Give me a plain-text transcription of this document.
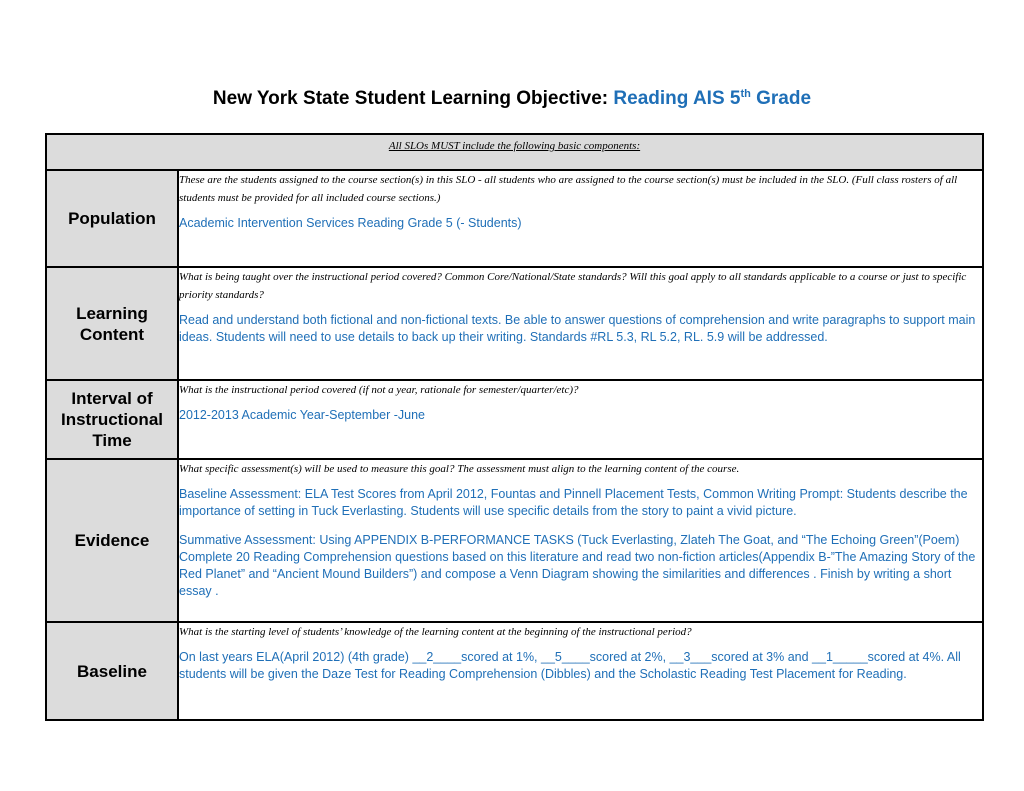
New York State Student Learning Objective: Reading AIS 5th Grade
All SLOs MUST include the following basic components:	

Population	These are the students assigned to the course section(s) in this SLO - all students who are assigned to the course section(s) must be included in the SLO. (Full class rosters of all students must be provided for all included course sections.)
Academic Intervention Services Reading Grade 5 (- Students)

Learning Content	What is being taught over the instructional period covered? Common Core/National/State standards? Will this goal apply to all standards applicable to a course or just to specific priority standards?
Read and understand both fictional and non-fictional texts. Be able to answer questions of comprehension and write paragraphs to support main ideas. Students will need to use details to back up their writing. Standards #RL 5.3, RL 5.2, RL. 5.9 will be addressed.

Interval of Instructional Time	What is the instructional period covered (if not a year, rationale for semester/quarter/etc)?
2012-2013 Academic Year-September -June

Evidence	What specific assessment(s) will be used to measure this goal? The assessment must align to the learning content of the course.
Baseline Assessment: ELA Test Scores from April 2012, Fountas and Pinnell Placement Tests, Common Writing Prompt: Students describe the importance of setting in Tuck Everlasting. Students will use specific details from the story to paint a vivid picture.
Summative Assessment: Using APPENDIX B-PERFORMANCE TASKS (Tuck Everlasting, Zlateh The Goat, and “The Echoing Green”(Poem) Complete 20 Reading Comprehension questions based on this literature and read two non-fiction articles(Appendix B-”The Amazing Story of the Red Planet” and “Ancient Mound Builders”) and compose a Venn Diagram showing the similarities and differences . Finish by writing a short essay .

Baseline	What is the starting level of students’ knowledge of the learning content at the beginning of the instructional period?
On last years ELA(April 2012) (4th grade) __2____scored at 1%, __5____scored at 2%, __3___scored at 3% and __1_____scored at 4%. All students will be given the Daze Test for Reading Comprehension (Dibbles) and the Scholastic Reading Test Placement for Reading.
